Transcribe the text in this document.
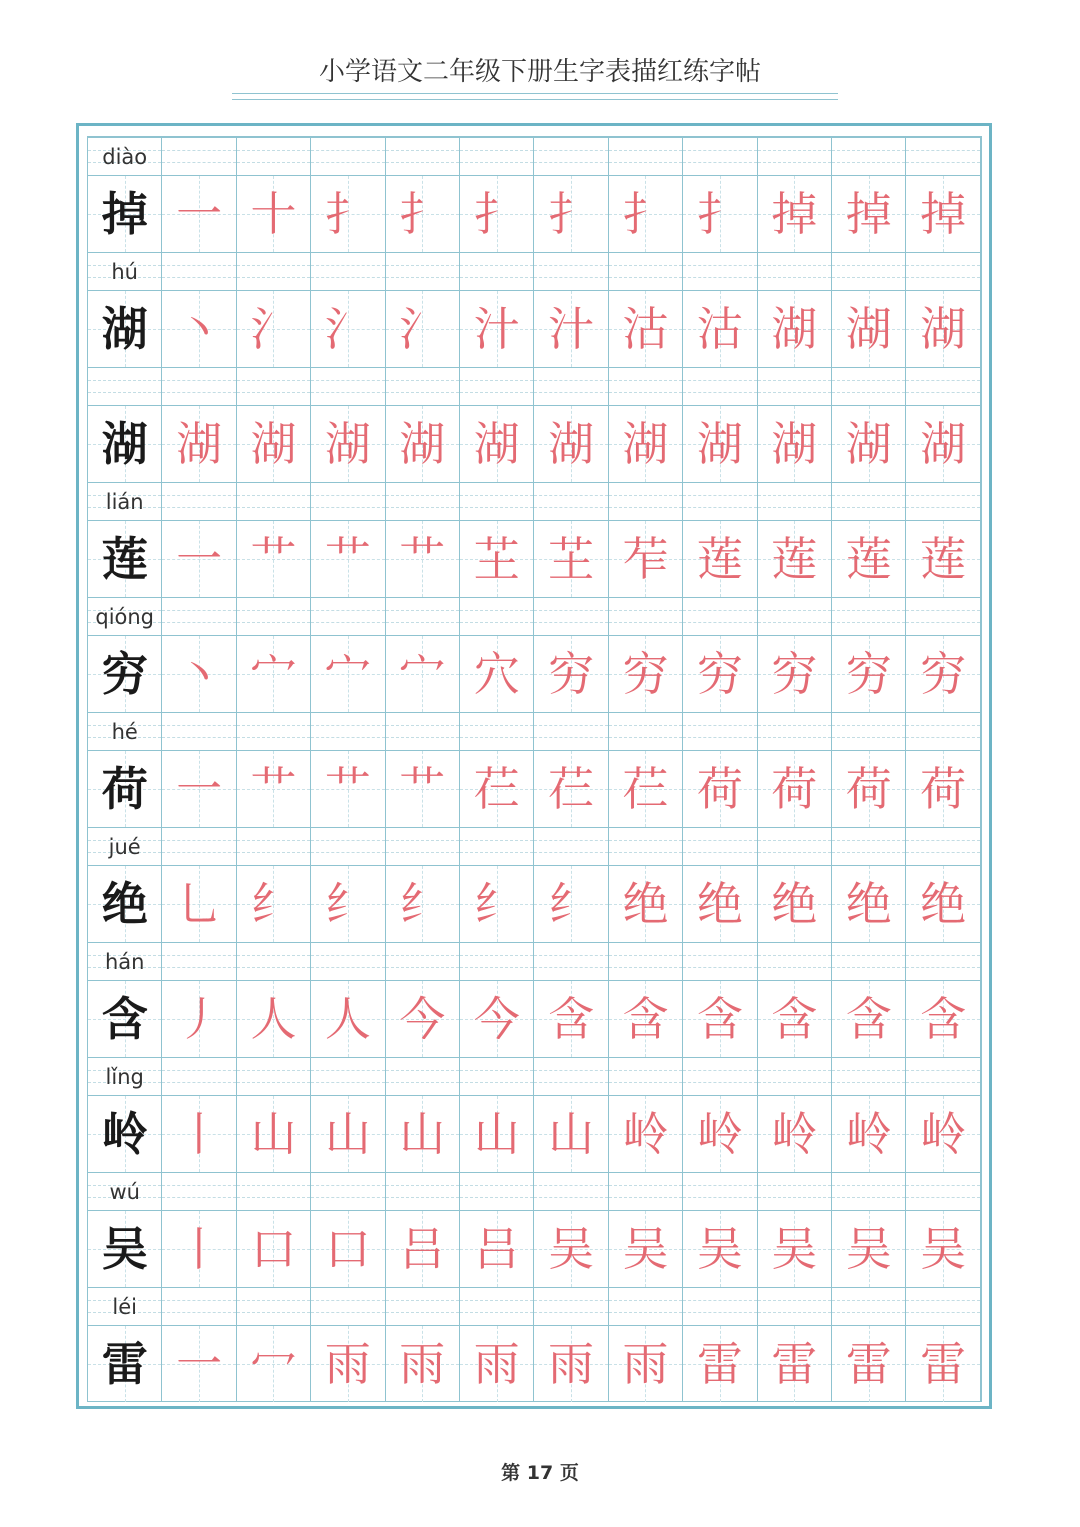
小学语文二年级下册生字表描红练字帖
diào
掉 一 十 扌 扌 扌 扌 扌 扌 掉 掉 掉
hú
湖 丶 氵 氵 氵 汁 汁 沽 沽 湖 湖 湖
湖 湖 湖 湖 湖 湖 湖 湖 湖 湖 湖 湖
lián
莲 一 艹 艹 艹 芏 芏 苲 莲 莲 莲 莲
qióng
穷 丶 宀 宀 宀 穴 穷 穷 穷 穷 穷 穷
hé
荷 一 艹 艹 艹 芢 芢 芢 荷 荷 荷 荷
jué
绝 乚 纟 纟 纟 纟 纟 绝 绝 绝 绝 绝
hán
含 丿 人 人 今 今 含 含 含 含 含 含
lǐng
岭 丨 山 山 山 山 山 岭 岭 岭 岭 岭
wú
吴 丨 口 口 吕 吕 吴 吴 吴 吴 吴 吴
léi
雷 一 冖 雨 雨 雨 雨 雨 雷 雷 雷 雷
第 17 页
